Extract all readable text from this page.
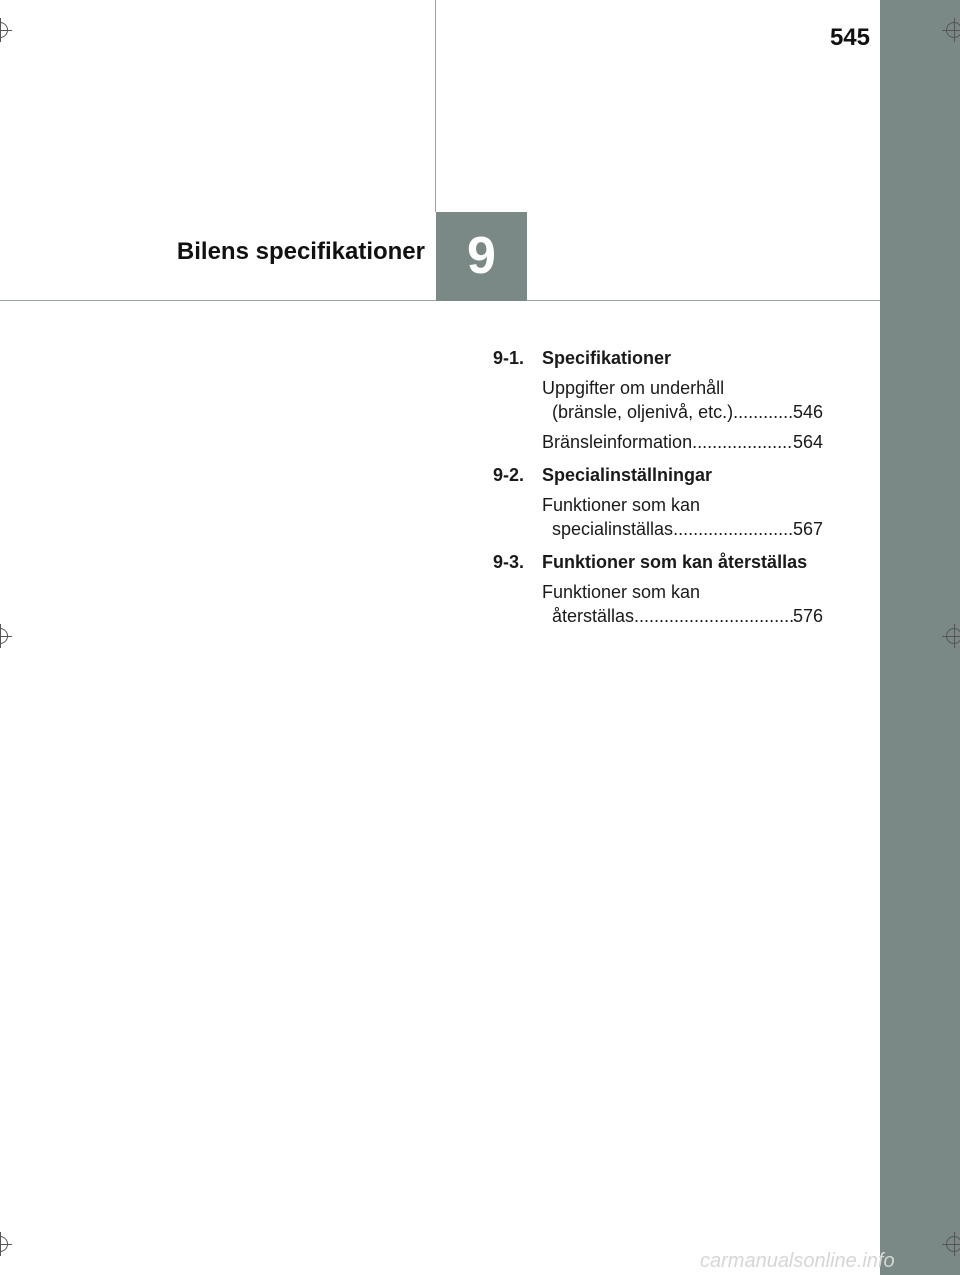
545
9
Bilens specifikationer
9-1. Specifikationer
Uppgifter om underhåll
(bränsle, oljenivå, etc.) .....	546
Bränsleinformation .....	564
9-2. Specialinställningar
Funktioner som kan
specialinställas .....	567
9-3. Funktioner som kan återställas
Funktioner som kan
återställas .....	576
carmanualsonline.info
